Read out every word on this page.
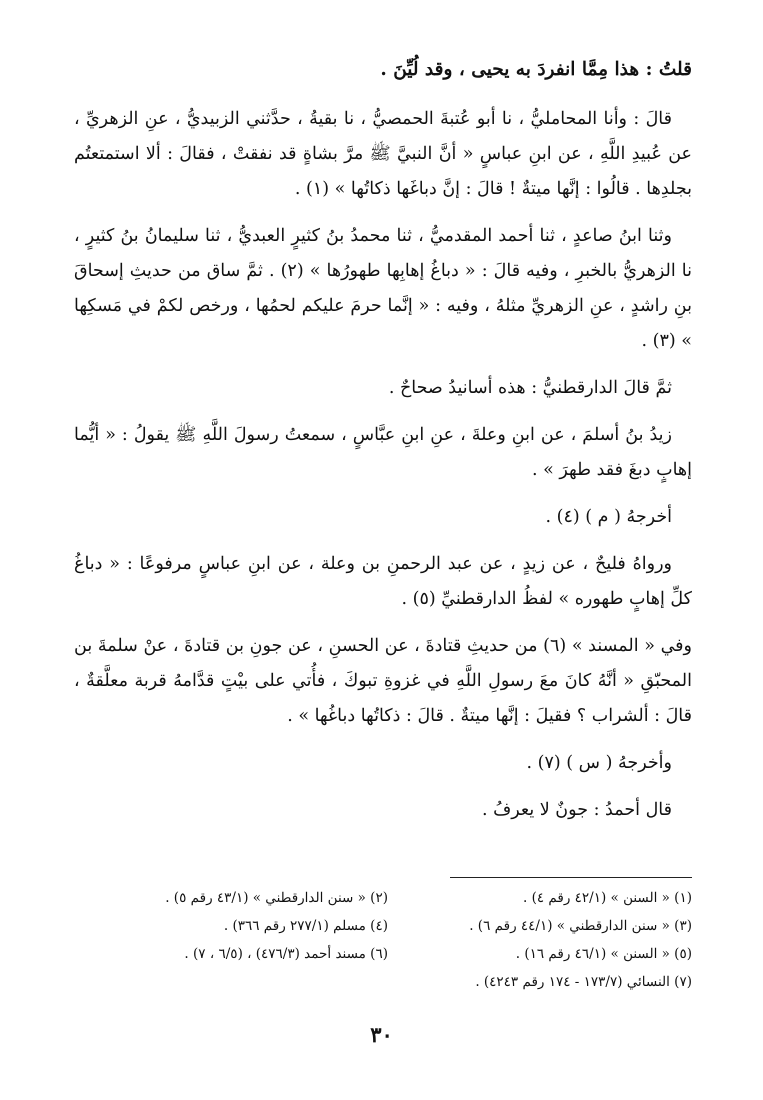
قلتُ : هذا مِمَّا انفردَ به يحيى ، وقد لُيِّنَ .

قالَ : وأنا المحامليُّ ، نا أبو عُتبةَ الحمصيُّ ، نا بقيةُ ، حدَّثني الزبيديُّ ، عنِ الزهريِّ ، عن عُبيدِ اللَّهِ ، عن ابنِ عباسٍ « أنَّ النبيَّ ﷺ مرَّ بشاةٍ قد نفقتْ ، فقالَ : ألا استمتعتُم بجلدِها . قالُوا : إنَّها ميتةٌ ! قالَ : إنَّ دباغَها ذكاتُها » (١) .

وثنا ابنُ صاعدٍ ، ثنا أحمد المقدميُّ ، ثنا محمدُ بنُ كثيرٍ العبديُّ ، ثنا سليمانُ بنُ كثيرٍ ، نا الزهريُّ بالخبرِ ، وفيه قالَ : « دباغُ إهابِها طهورُها » (٢) . ثمَّ ساق من حديثِ إسحاقَ بنِ راشدٍ ، عنِ الزهريِّ مثلهُ ، وفيه : « إنَّما حرمَ عليكم لحمُها ، ورخص لكمْ في مَسكِها » (٣) .

ثمَّ قالَ الدارقطنيُّ : هذه أسانيدُ صحاحٌ .

زيدُ بنُ أسلمَ ، عن ابنِ وعلةَ ، عنِ ابنِ عبَّاسٍ ، سمعتُ رسولَ اللَّهِ ﷺ يقولُ : « أيُّما إهابٍ دبغَ فقد طهرَ » .

أخرجهُ ( م ) (٤) .

ورواهُ فليحٌ ، عن زيدٍ ، عن عبد الرحمنِ بن وعلة ، عن ابنِ عباسٍ مرفوعًا : « دباغُ كلِّ إهابٍ طهوره » لفظُ الدارقطنيِّ (٥) .

وفي « المسند » (٦) من حديثِ قتادةَ ، عن الحسنِ ، عن جونِ بن قتادةَ ، عنْ سلمةَ بن المحبّقِ « أنَّهُ كانَ معَ رسولِ اللَّهِ في غزوةِ تبوكَ ، فأُتي على بيْتٍ قدَّامهُ قربة معلَّقةٌ ، قالَ : ألشراب ؟ فقيلَ : إنَّها ميتةٌ . قالَ : ذكاتُها دباغُها » .

وأخرجهُ ( س ) (٧) .

قال أحمدُ : جونٌ لا يعرفُ .

(١) « السنن » (٤٢/١ رقم ٤) .
(٢) « سنن الدارقطني » (٤٣/١ رقم ٥) .
(٣) « سنن الدارقطني » (٤٤/١ رقم ٦) .
(٤) مسلم (٢٧٧/١ رقم ٣٦٦) .
(٥) « السنن » (٤٦/١ رقم ١٦) .
(٦) مسند أحمد (٤٧٦/٣) ، (٦/٥ ، ٧) .
(٧) النسائي (١٧٣/٧ - ١٧٤ رقم ٤٢٤٣) .
٣٠
